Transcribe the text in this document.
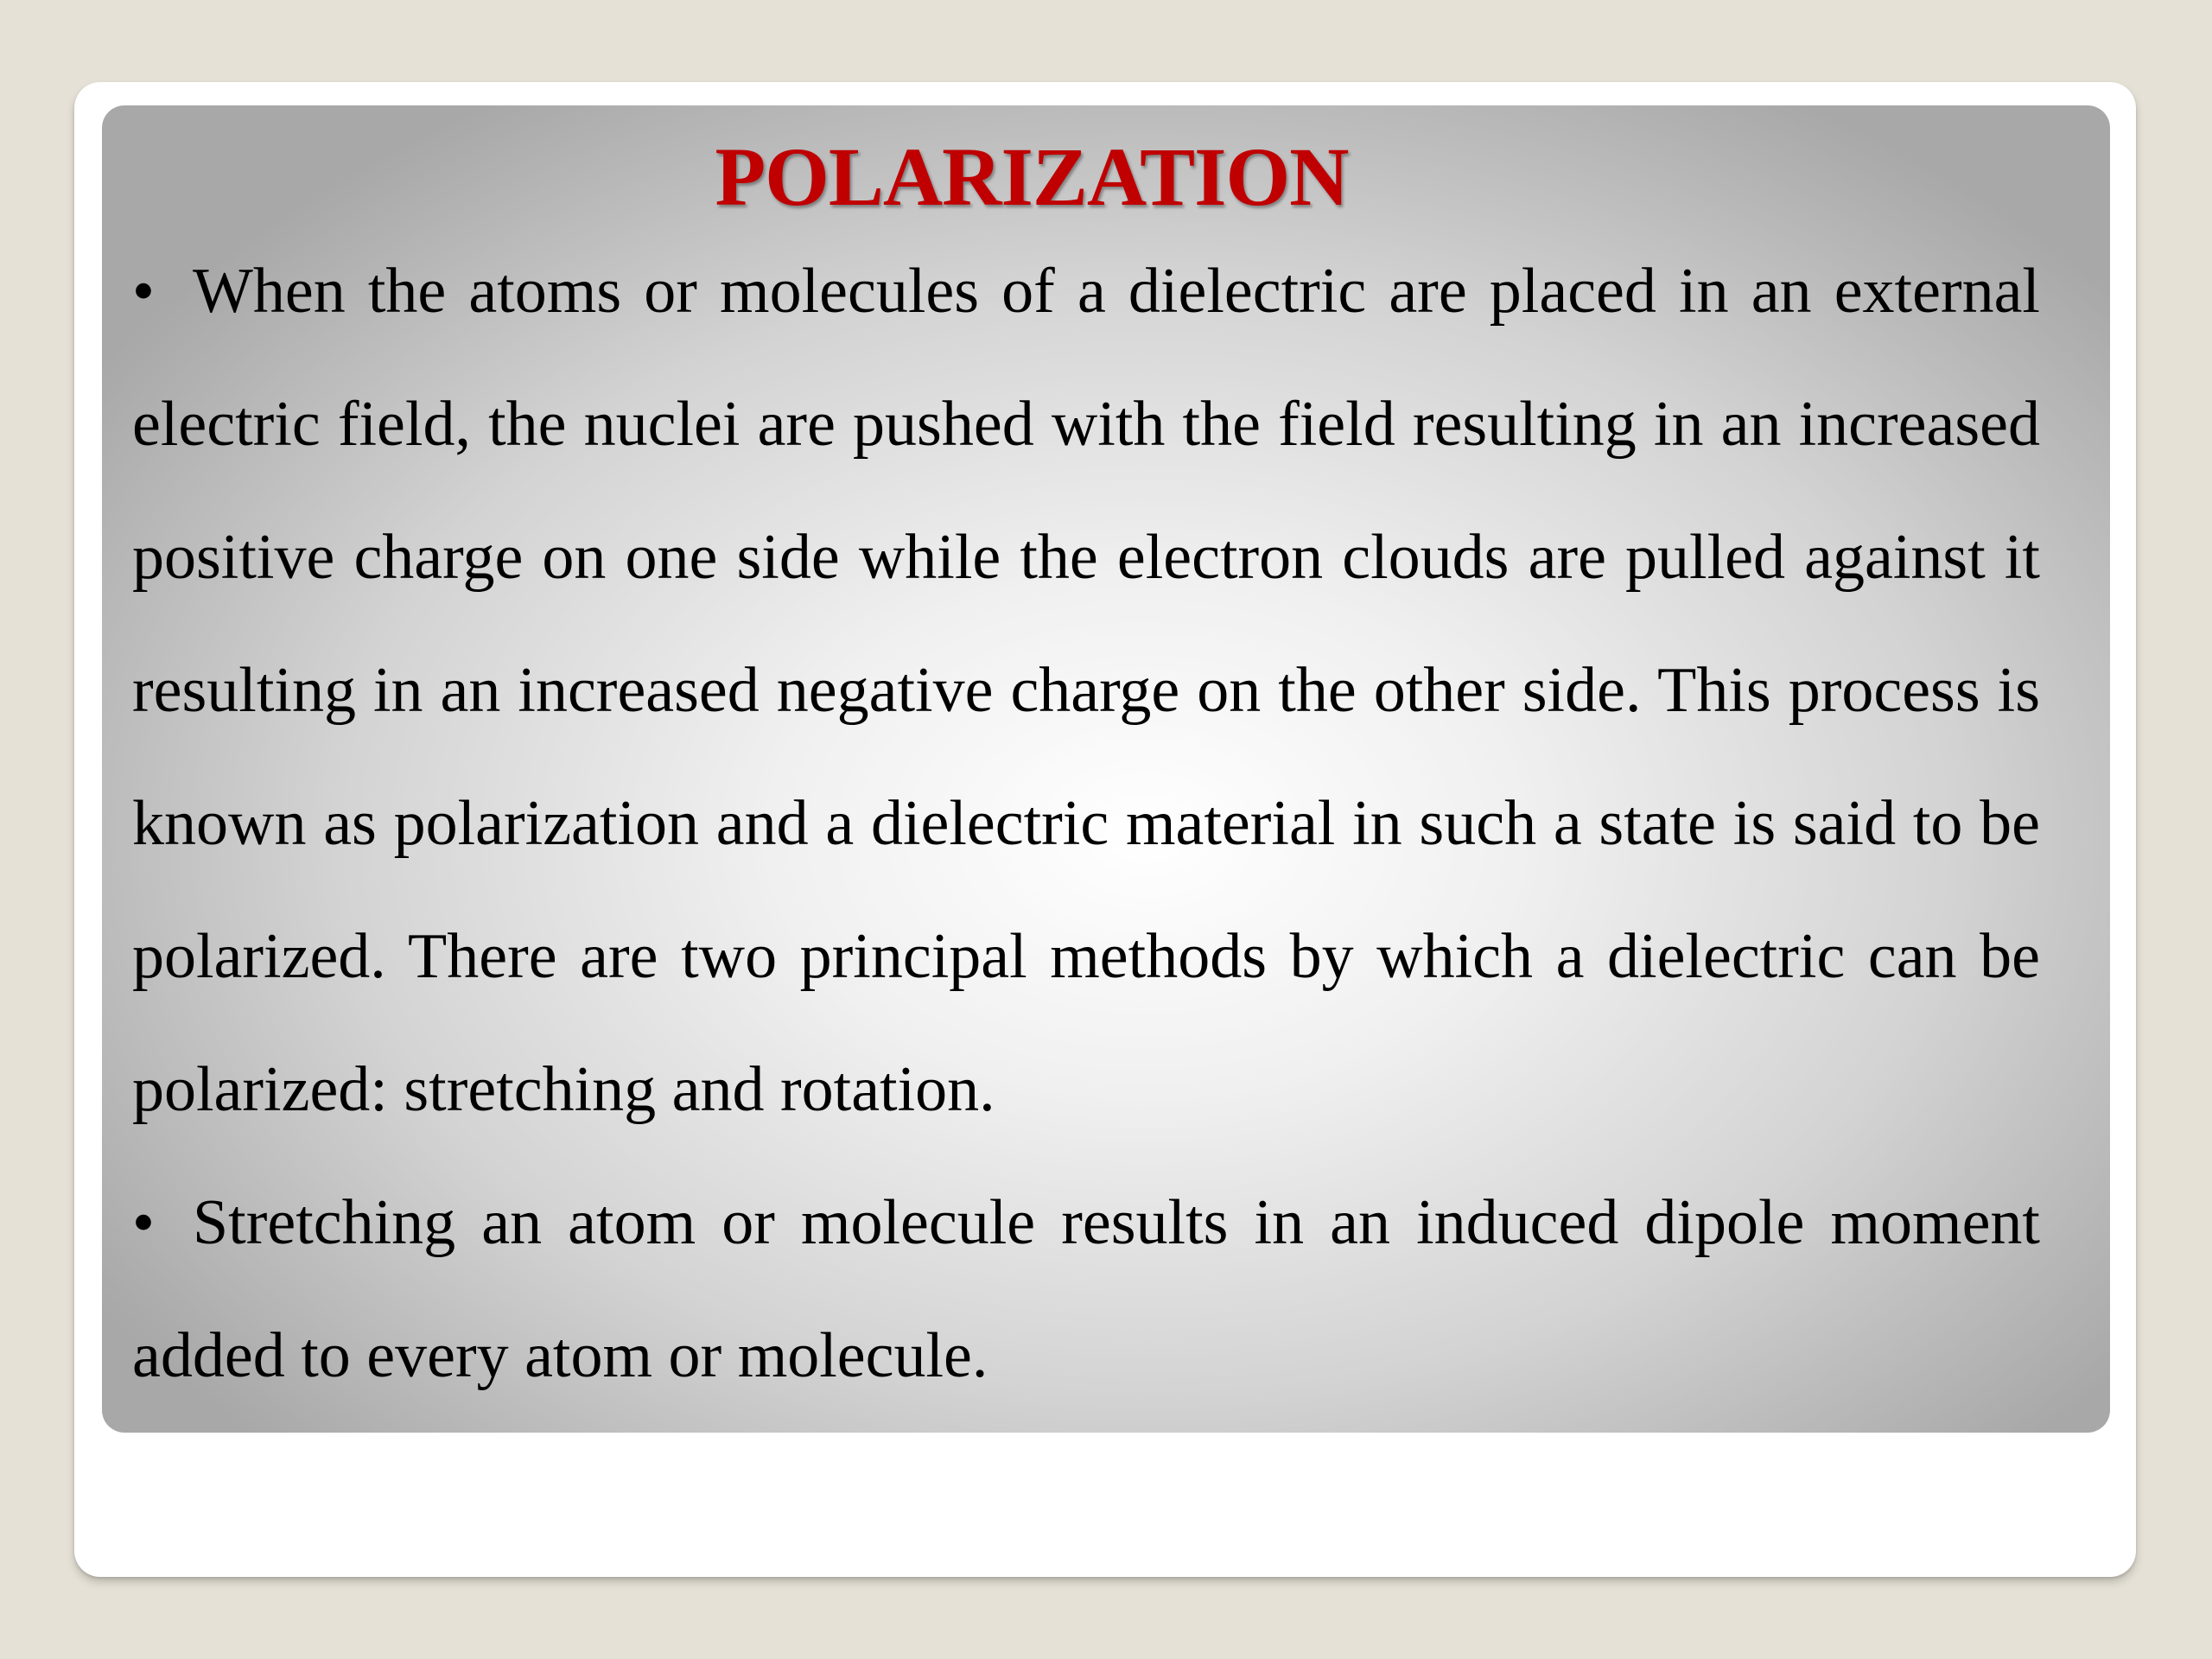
POLARIZATION

• When the atoms or molecules of a dielectric are placed in an external electric field, the nuclei are pushed with the field resulting in an increased positive charge on one side while the electron clouds are pulled against it resulting in an increased negative charge on the other side. This process is known as polarization and a dielectric material in such a state is said to be polarized. There are two principal methods by which a dielectric can be polarized: stretching and rotation.

• Stretching an atom or molecule results in an induced dipole moment added to every atom or molecule.
